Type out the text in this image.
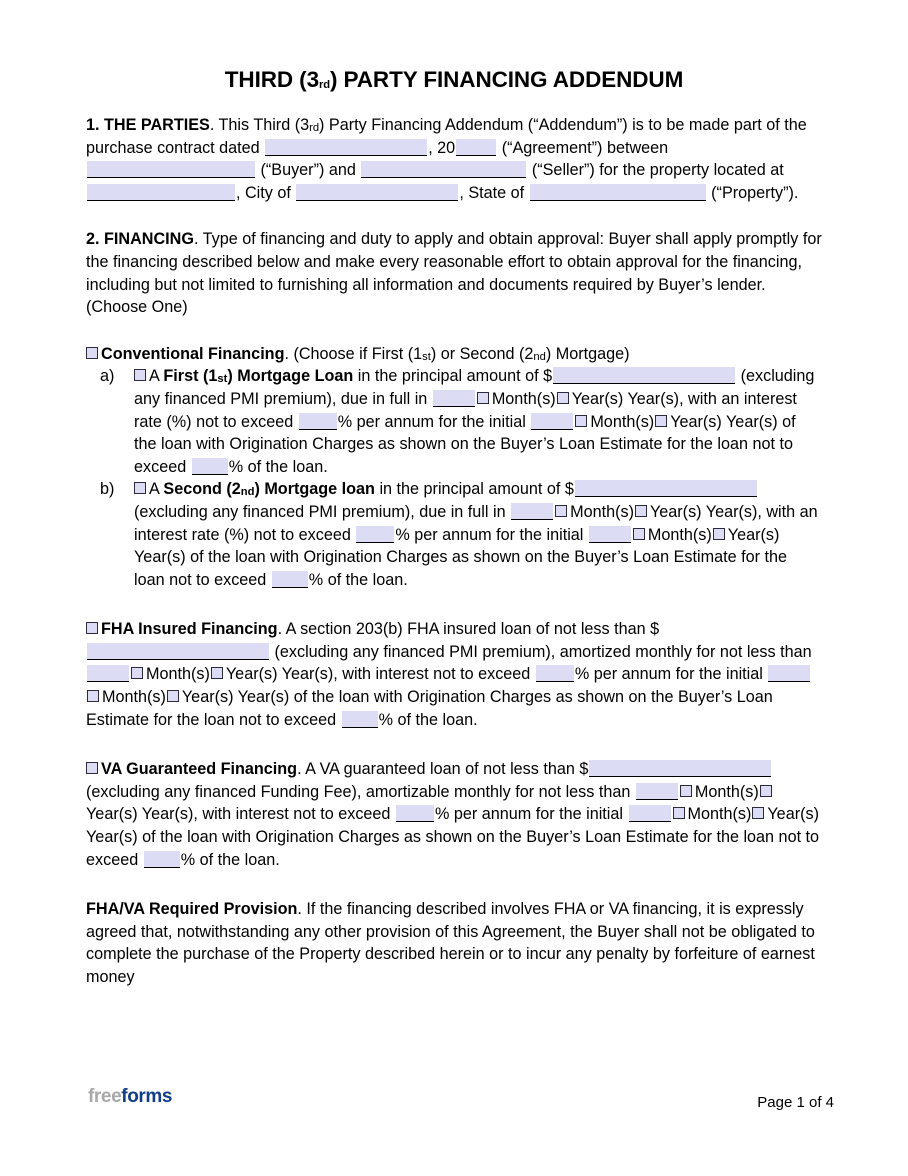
THIRD $(3_{rd})$ PARTY FINANCING ADDENDUM

1. THE PARTIES. This Third $(3_{rd})$ Party Financing Addendum (“Addendum”) is to be made part of the purchase contract dated	, 20	(“Agreement”) between  (“Buyer”) and	(“Seller”) for the property located at , City of	, State of	(“Property”).

2. FINANCING. Type of financing and duty to apply and obtain approval: Buyer shall apply promptly for the financing described below and make every reasonable effort to obtain approval for the financing, including but not limited to furnishing all information and documents required by Buyer’s lender. (Choose One)

Conventional Financing. (Choose if First $(1_{st})$ or Second $(2_{nd})$ Mortgage)

a) A First $(1_{st})$ Mortgage Loan in the principal amount of $	(excluding any financed PMI premium), due in full in	Month(s) Year(s) Year(s), with an interest rate (%) not to exceed % per annum for the initial	Month(s) Year(s) Year(s) of the loan with Origination Charges as shown on the Buyer’s Loan Estimate for the loan not to exceed % of the loan.

b) A Second $(2_{nd})$ Mortgage loan in the principal amount of $ (excluding any financed PMI premium), due in full in	Month(s) Year(s) Year(s), with an interest rate (%) not to exceed % per annum for the initial	Month(s) Year(s) Year(s) of the loan with Origination Charges as shown on the Buyer’s Loan Estimate for the loan not to exceed % of the loan.

FHA Insured Financing. A section 203(b) FHA insured loan of not less than $ (excluding any financed PMI premium), amortized monthly for not less than Month(s) Year(s) Year(s), with interest not to exceed % per annum for the initial Month(s) Year(s) Year(s) of the loan with Origination Charges as shown on the Buyer’s Loan Estimate for the loan not to exceed % of the loan.

VA Guaranteed Financing. A VA guaranteed loan of not less than $ (excluding any financed Funding Fee), amortizable monthly for not less than	Month(s)Year(s) Year(s), with interest not to exceed % per annum for the initial	Month(s) Year(s) Year(s) of the loan with Origination Charges as shown on the Buyer’s Loan Estimate for the loan not to exceed % of the loan.

FHA/VA Required Provision. If the financing described involves FHA or VA financing, it is expressly agreed that, notwithstanding any other provision of this Agreement, the Buyer shall not be obligated to complete the purchase of the Property described herein or to incur any penalty by forfeiture of earnest money

freeforms	Page 1 of 4
